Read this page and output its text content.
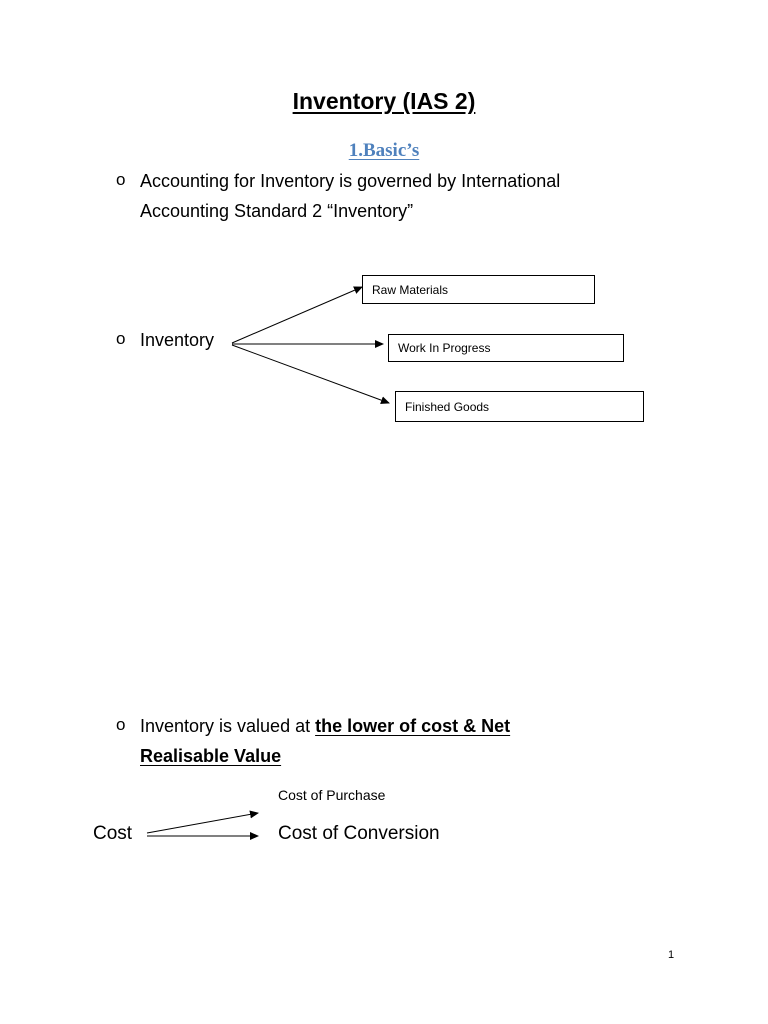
Inventory (IAS 2)
1.Basic’s
o Accounting for Inventory is governed by International
Accounting Standard 2 “Inventory”
o Inventory
Raw Materials
Work In Progress
Finished Goods
o Inventory is valued at the lower of cost & Net
Realisable Value
Cost of Purchase
Cost	Cost of Conversion
1
